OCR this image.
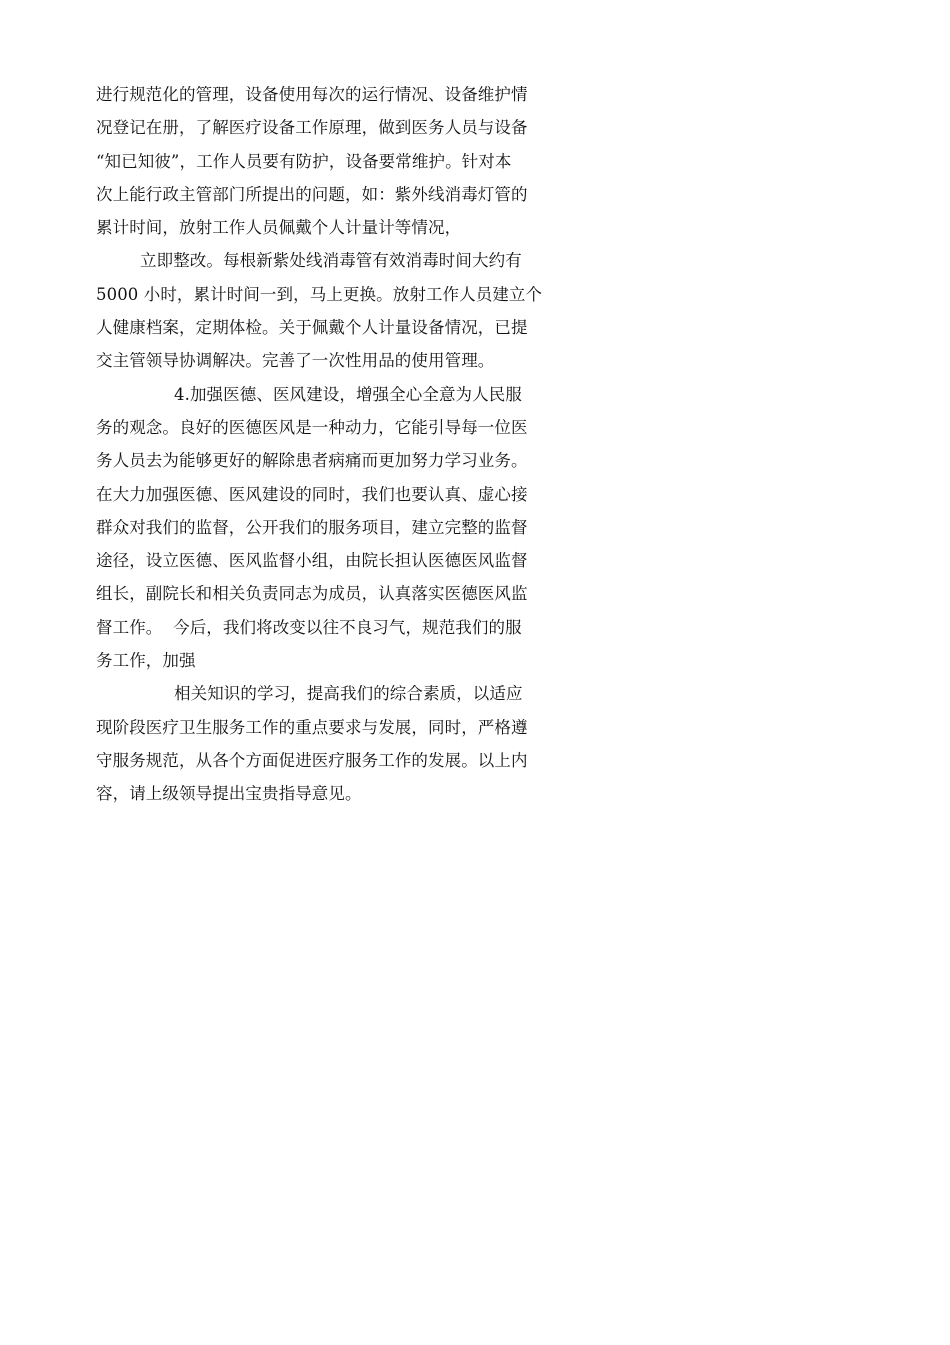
进行规范化的管理，设备使用每次的运行情况、设备维护情
况登记在册，了解医疗设备工作原理，做到医务人员与设备
“知已知彼”，工作人员要有防护，设备要常维护。针对本
次上能行政主管部门所提出的问题，如：紫外线消毒灯管的
累计时间，放射工作人员佩戴个人计量计等情况，
立即整改。每根新紫处线消毒管有效消毒时间大约有
5000 小时，累计时间一到，马上更换。放射工作人员建立个
人健康档案，定期体检。关于佩戴个人计量设备情况，已提
交主管领导协调解决。完善了一次性用品的使用管理。
4.加强医德、医风建设，增强全心全意为人民服
务的观念。良好的医德医风是一种动力，它能引导每一位医
务人员去为能够更好的解除患者病痛而更加努力学习业务。
在大力加强医德、医风建设的同时，我们也要认真、虚心接
群众对我们的监督，公开我们的服务项目，建立完整的监督
途径，设立医德、医风监督小组，由院长担认医德医风监督
组长，副院长和相关负责同志为成员，认真落实医德医风监
督工作。  今后，我们将改变以往不良习气，规范我们的服
务工作，加强
相关知识的学习，提高我们的综合素质，以适应
现阶段医疗卫生服务工作的重点要求与发展，同时，严格遵
守服务规范，从各个方面促进医疗服务工作的发展。以上内
容，请上级领导提出宝贵指导意见。
